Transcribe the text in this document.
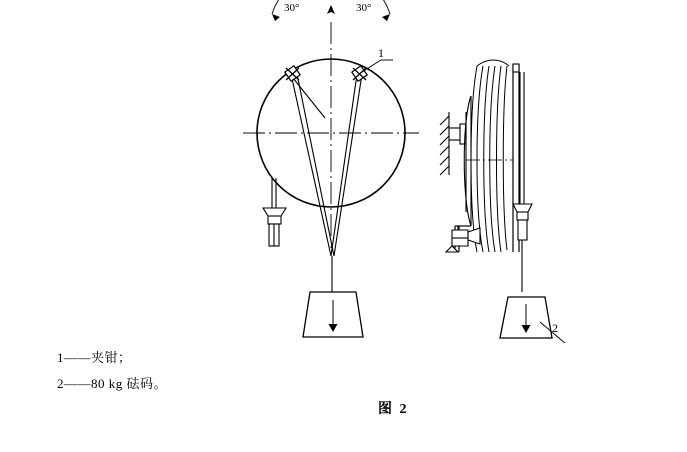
30°	30°
1
2
1——夹钳；
2——80 kg 砝码。
图 2
